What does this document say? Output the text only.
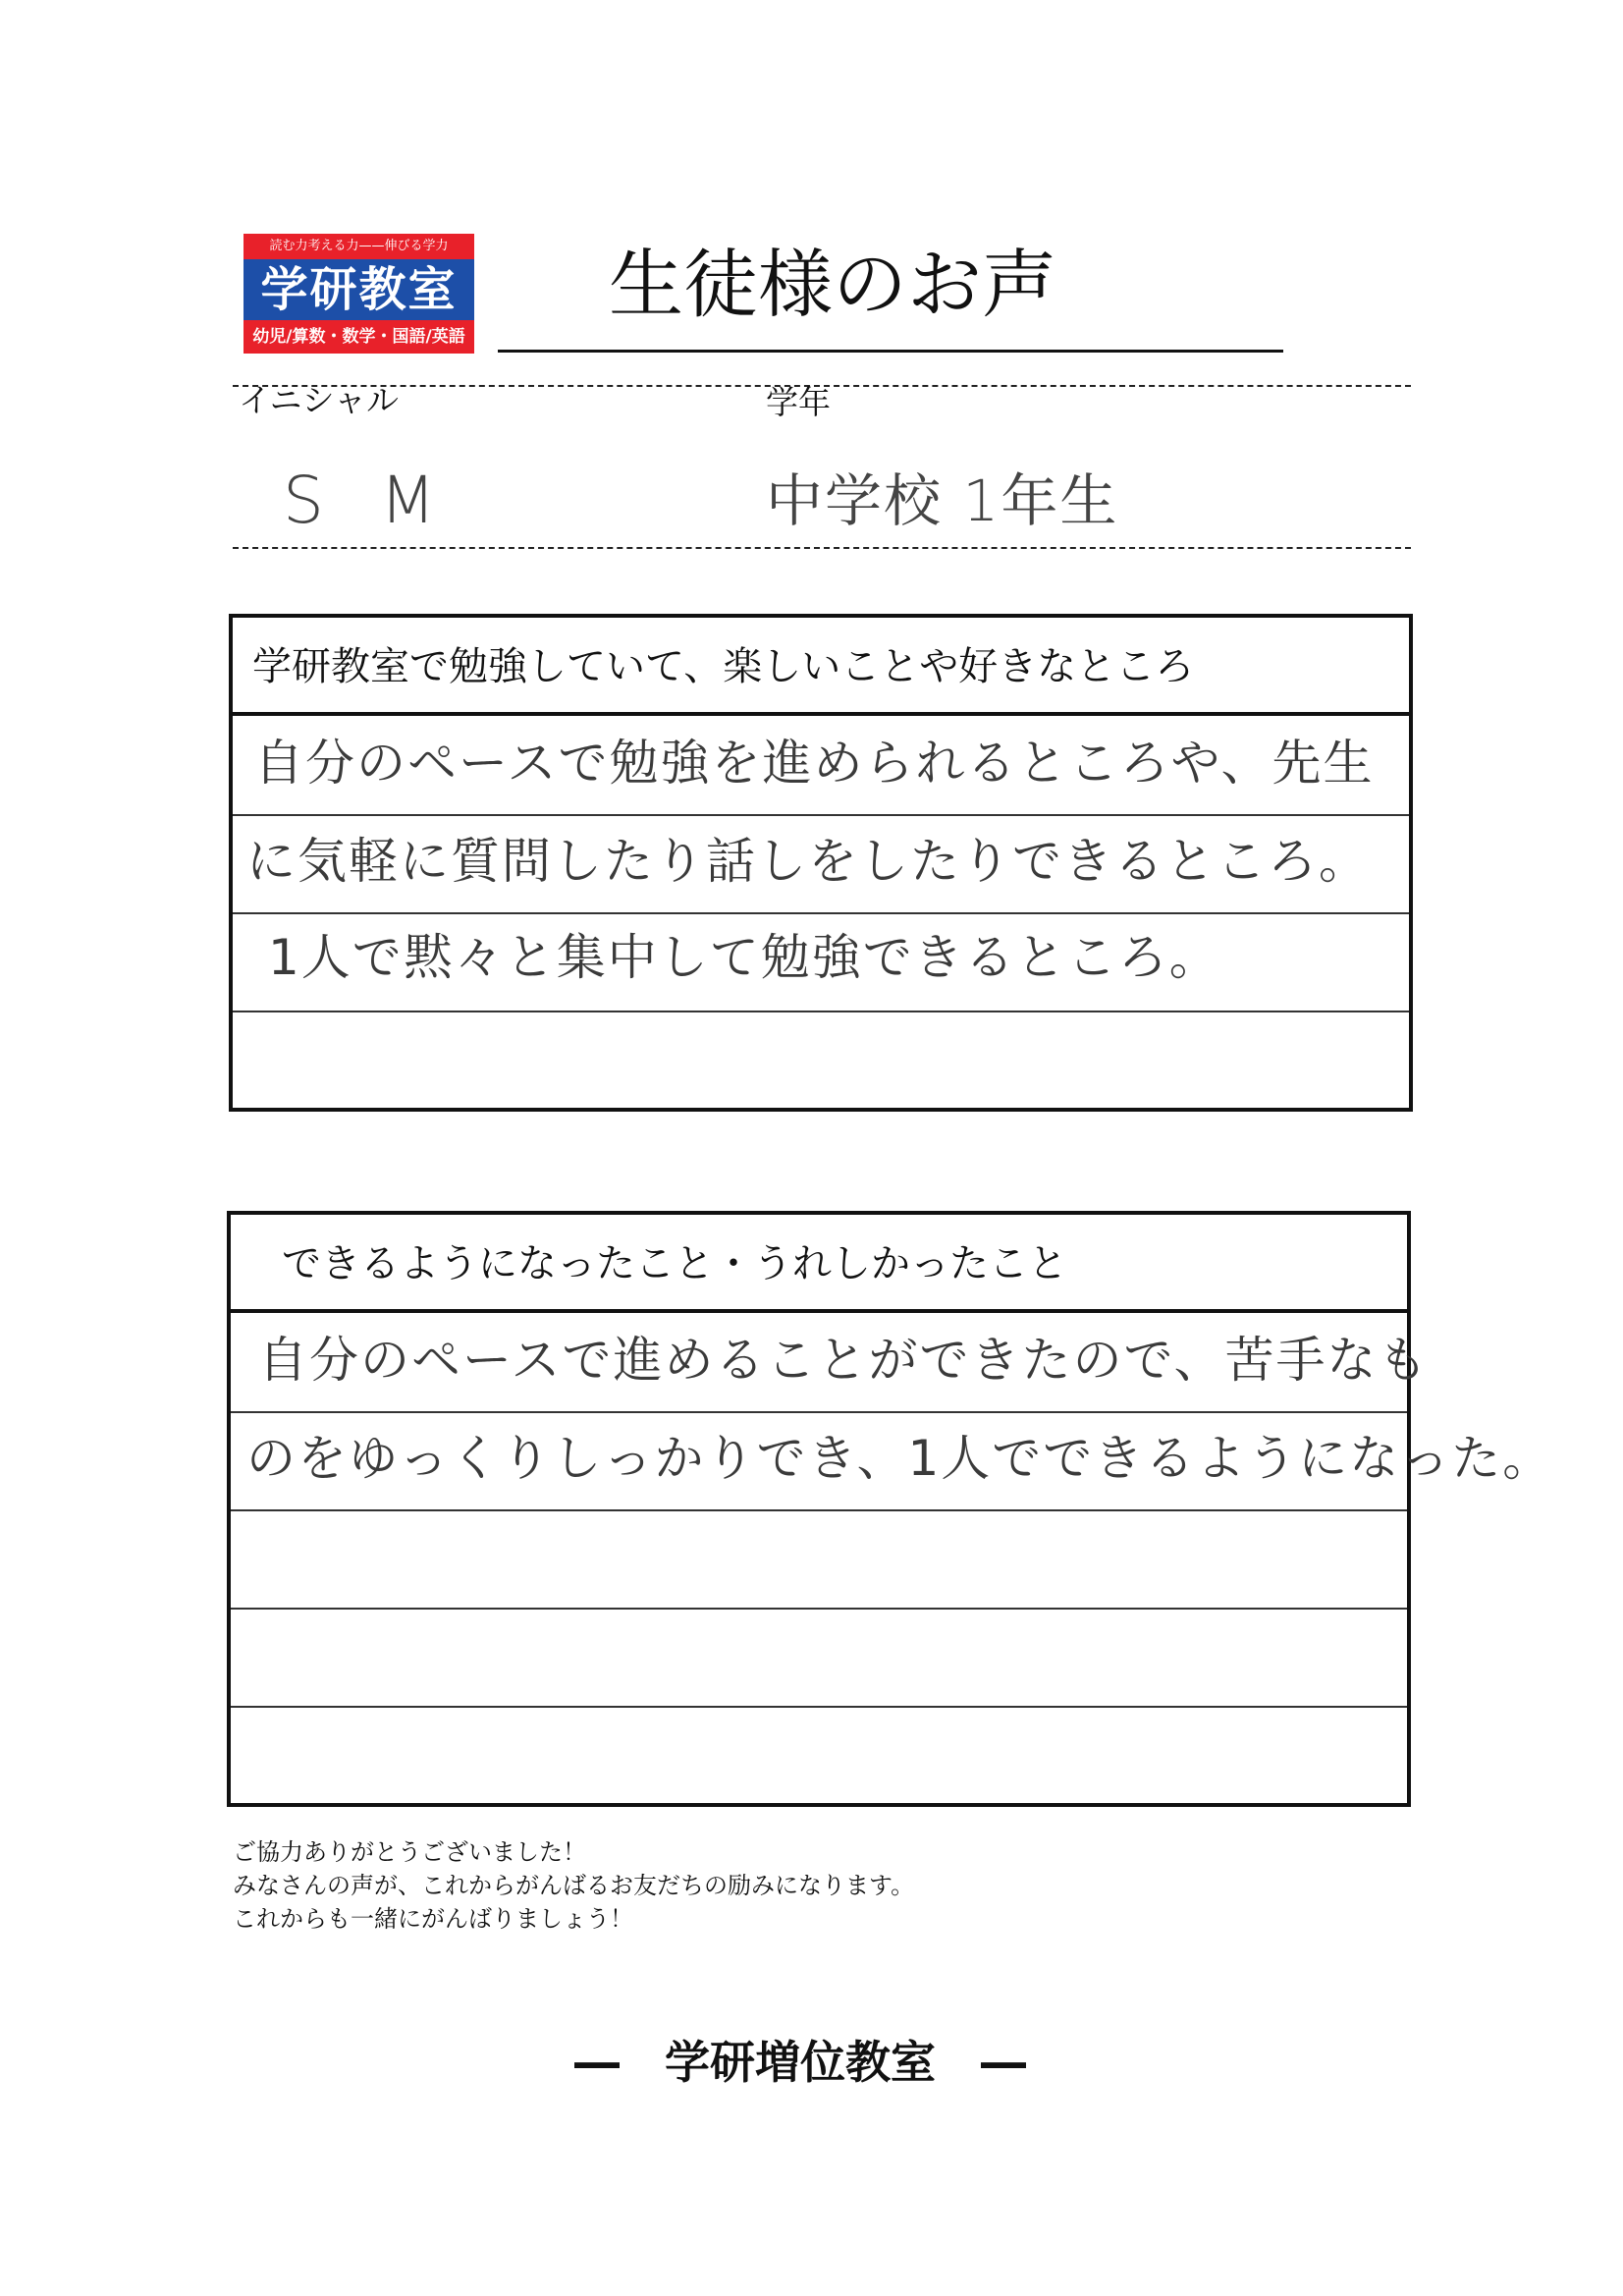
読む力考える力——伸びる学力
学研教室
幼児/算数・数学・国語/英語
生徒様のお声
イニシャル	学年
S M	中学校 1年生
学研教室で勉強していて、楽しいことや好きなところ
自分のペースで勉強を進められるところや、先生
に気軽に質問したり話しをしたりできるところ。
1人で黙々と集中して勉強できるところ。
できるようになったこと・うれしかったこと
自分のペースで進めることができたので、苦手なも
のをゆっくりしっかりでき、1人でできるようになった。
ご協力ありがとうございました！
みなさんの声が、これからがんばるお友だちの励みになります。
これからも一緒にがんばりましょう！
―　学研増位教室　―
